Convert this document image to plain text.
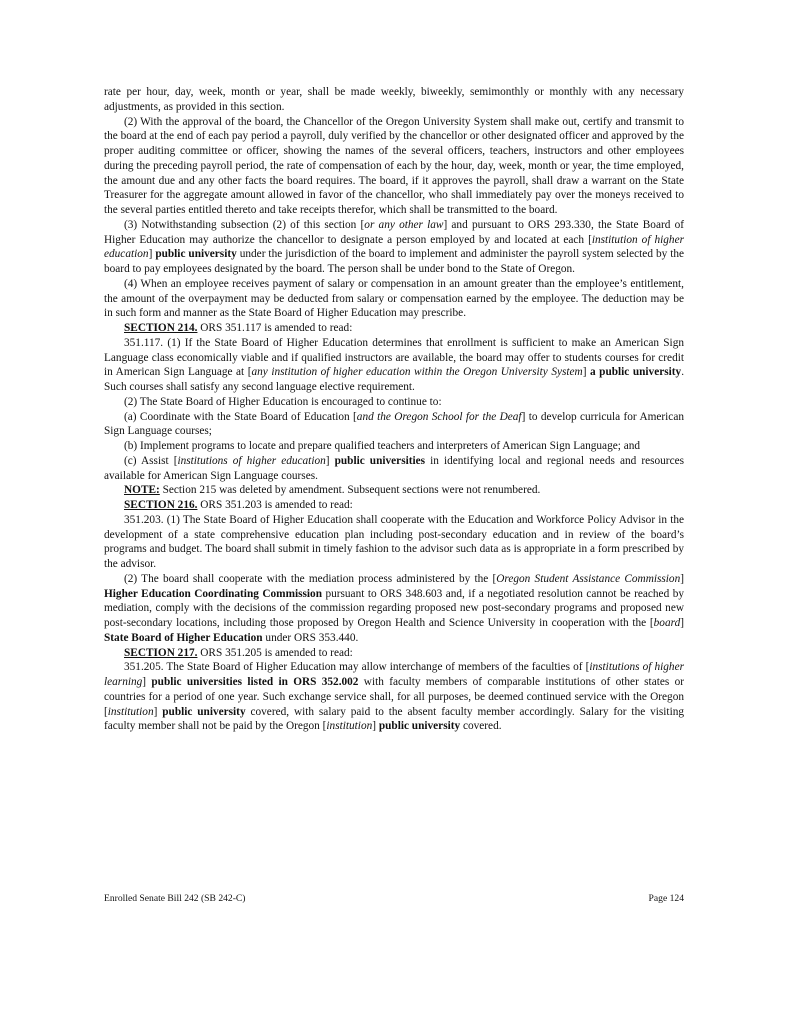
rate per hour, day, week, month or year, shall be made weekly, biweekly, semimonthly or monthly with any necessary adjustments, as provided in this section.

(2) With the approval of the board, the Chancellor of the Oregon University System shall make out, certify and transmit to the board at the end of each pay period a payroll, duly verified by the chancellor or other designated officer and approved by the proper auditing committee or officer, showing the names of the several officers, teachers, instructors and other employees during the preceding payroll period, the rate of compensation of each by the hour, day, week, month or year, the time employed, the amount due and any other facts the board requires. The board, if it approves the payroll, shall draw a warrant on the State Treasurer for the aggregate amount allowed in favor of the chancellor, who shall immediately pay over the moneys received to the several parties entitled thereto and take receipts therefor, which shall be transmitted to the board.

(3) Notwithstanding subsection (2) of this section [or any other law] and pursuant to ORS 293.330, the State Board of Higher Education may authorize the chancellor to designate a person employed by and located at each [institution of higher education] public university under the jurisdiction of the board to implement and administer the payroll system selected by the board to pay employees designated by the board. The person shall be under bond to the State of Oregon.

(4) When an employee receives payment of salary or compensation in an amount greater than the employee’s entitlement, the amount of the overpayment may be deducted from salary or compensation earned by the employee. The deduction may be in such form and manner as the State Board of Higher Education may prescribe.

SECTION 214. ORS 351.117 is amended to read:

351.117. (1) If the State Board of Higher Education determines that enrollment is sufficient to make an American Sign Language class economically viable and if qualified instructors are available, the board may offer to students courses for credit in American Sign Language at [any institution of higher education within the Oregon University System] a public university. Such courses shall satisfy any second language elective requirement.

(2) The State Board of Higher Education is encouraged to continue to:

(a) Coordinate with the State Board of Education [and the Oregon School for the Deaf] to develop curricula for American Sign Language courses;

(b) Implement programs to locate and prepare qualified teachers and interpreters of American Sign Language; and

(c) Assist [institutions of higher education] public universities in identifying local and regional needs and resources available for American Sign Language courses.

NOTE: Section 215 was deleted by amendment. Subsequent sections were not renumbered.

SECTION 216. ORS 351.203 is amended to read:

351.203. (1) The State Board of Higher Education shall cooperate with the Education and Workforce Policy Advisor in the development of a state comprehensive education plan including post-secondary education and in review of the board’s programs and budget. The board shall submit in timely fashion to the advisor such data as is appropriate in a form prescribed by the advisor.

(2) The board shall cooperate with the mediation process administered by the [Oregon Student Assistance Commission] Higher Education Coordinating Commission pursuant to ORS 348.603 and, if a negotiated resolution cannot be reached by mediation, comply with the decisions of the commission regarding proposed new post-secondary programs and proposed new post-secondary locations, including those proposed by Oregon Health and Science University in cooperation with the [board] State Board of Higher Education under ORS 353.440.

SECTION 217. ORS 351.205 is amended to read:

351.205. The State Board of Higher Education may allow interchange of members of the faculties of [institutions of higher learning] public universities listed in ORS 352.002 with faculty members of comparable institutions of other states or countries for a period of one year. Such exchange service shall, for all purposes, be deemed continued service with the Oregon [institution] public university covered, with salary paid to the absent faculty member accordingly. Salary for the visiting faculty member shall not be paid by the Oregon [institution] public university covered.

Enrolled Senate Bill 242 (SB 242-C)	Page 124
